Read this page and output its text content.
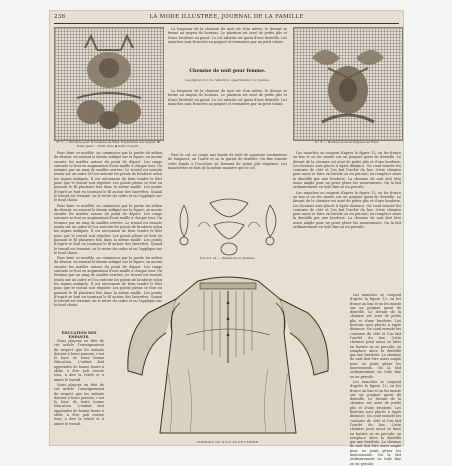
236	LA MODE ILLUSTRÉE, JOURNAL DE LA FAMILLE
N° 7. — Bordure pour la Guipure au Filet. Explication des signes: ✱ Point plein; ◦ Point vide; ▪ Point d'esprit.
N° 8. — Bordure pour la Guipure au Filet.

La longueur de la chemise de nuit est d'un mètre, le devant se ferme au moyen de boutons. Le plastron est orné de petits plis et d'une broderie au passé. Le col rabattu est garni d'une dentelle. Les manches sont froncées au poignet et terminées par un petit volant.

Chemise de nuit pour femme.
Les figures 8 à 14, réduction, appartenant à ce modèle.

La longueur de la chemise de nuit est d'un mètre, le devant se ferme au moyen de boutons. Le plastron est orné de petits plis et d'une broderie au passé. Le col rabattu est garni d'une dentelle. Les manches sont froncées au poignet et terminées par un petit volant.

Pour faire ce modèle, on commence par la partie du milieu du devant, en suivant le dessin indiqué sur la figure; on monte ensuite les mailles autour du point de départ. Les rangs suivants se font en augmentant d'une maille à chaque tour. On termine par un rang de mailles serrées. Le travail est ensuite tendu sur un cadre et l'on exécute les points de broderie selon les signes indiqués. Il est nécessaire de bien tendre le filet pour que le travail soit régulier. Les points pleins se font en passant le fil plusieurs fois dans la même maille. Les points d'esprit se font en tournant le fil autour des barrettes. Quand le travail est terminé, on le retire du cadre et on l'applique sur le fond choisi.

Pour faire ce modèle, on commence par la partie du milieu du devant, en suivant le dessin indiqué sur la figure; on monte ensuite les mailles autour du point de départ. Les rangs suivants se font en augmentant d'une maille à chaque tour. On termine par un rang de mailles serrées. Le travail est ensuite tendu sur un cadre et l'on exécute les points de broderie selon les signes indiqués. Il est nécessaire de bien tendre le filet pour que le travail soit régulier. Les points pleins se font en passant le fil plusieurs fois dans la même maille. Les points d'esprit se font en tournant le fil autour des barrettes. Quand le travail est terminé, on le retire du cadre et on l'applique sur le fond choisi.

Pour faire ce modèle, on commence par la partie du milieu du devant, en suivant le dessin indiqué sur la figure; on monte ensuite les mailles autour du point de départ. Les rangs suivants se font en augmentant d'une maille à chaque tour. On termine par un rang de mailles serrées. Le travail est ensuite tendu sur un cadre et l'on exécute les points de broderie selon les signes indiqués. Il est nécessaire de bien tendre le filet pour que le travail soit régulier. Les points pleins se font en passant le fil plusieurs fois dans la même maille. Les points d'esprit se font en tournant le fil autour des barrettes. Quand le travail est terminé, on le retire du cadre et on l'applique sur le fond choisi.

ÉDUCATION DES ENFANTS.

Nous plaçons en tête de cet article l'enseignement du respect que les enfants doivent à leurs parents; c'est la base de toute bonne éducation. L'enfant doit apprendre de bonne heure à obéir, à être poli envers tous, à dire la vérité et à aimer le travail.

Nous plaçons en tête de cet article l'enseignement du respect que les enfants doivent à leurs parents; c'est la base de toute bonne éducation. L'enfant doit apprendre de bonne heure à obéir, à être poli envers tous, à dire la vérité et à aimer le travail.

Pour le col, on coupe une bande de toile de quarante centimètres de longueur; on l'ourle et on la garnit de dentelle. On fixe ensuite cette bande à l'encolure en formant de petits plis réguliers. Les manchettes se font de la même manière que le col.

Nos 9 à 14. — Détails de la chemise.

Les manches se coupent d'après la figure 12; on les fronce au bas et on les monte sur un poignet garni de dentelle. Le devant de la chemise est orné de petits plis et d'une broderie. Les boutons sont placés à égale distance. On coud ensuite les coutures de côté et l'on fait l'ourlet du bas. Cette chemise peut aussi se faire en batiste ou en percale; on remplace alors la dentelle par une broderie. La chemise de nuit doit être assez ample pour ne point gêner les mouvements. On la fait ordinairement en toile fine ou en percale.

Les manches se coupent d'après la figure 12; on les fronce au bas et on les monte sur un poignet garni de dentelle. Le devant de la chemise est orné de petits plis et d'une broderie. Les boutons sont placés à égale distance. On coud ensuite les coutures de côté et l'on fait l'ourlet du bas. Cette chemise peut aussi se faire en batiste ou en percale; on remplace alors la dentelle par une broderie. La chemise de nuit doit être assez ample pour ne point gêner les mouvements. On la fait ordinairement en toile fine ou en percale.

Les manches se coupent d'après la figure 12; on les fronce au bas et on les monte sur un poignet garni de dentelle. Le devant de la chemise est orné de petits plis et d'une broderie. Les boutons sont placés à égale distance. On coud ensuite les coutures de côté et l'on fait l'ourlet du bas. Cette chemise peut aussi se faire en batiste ou en percale; on remplace alors la dentelle par une broderie. La chemise de nuit doit être assez ample pour ne point gêner les mouvements. On la fait ordinairement en toile fine ou en percale.

Les manches se coupent d'après la figure 12; on les fronce au bas et on les monte sur un poignet garni de dentelle. Le devant de la chemise est orné de petits plis et d'une broderie. Les boutons sont placés à égale distance. On coud ensuite les coutures de côté et l'on fait l'ourlet du bas. Cette chemise peut aussi se faire en batiste ou en percale; on remplace alors la dentelle par une broderie. La chemise de nuit doit être assez ample pour ne point gêner les mouvements. On la fait ordinairement en toile fine ou en percale.

CHEMISE DE NUIT POUR FEMME.
